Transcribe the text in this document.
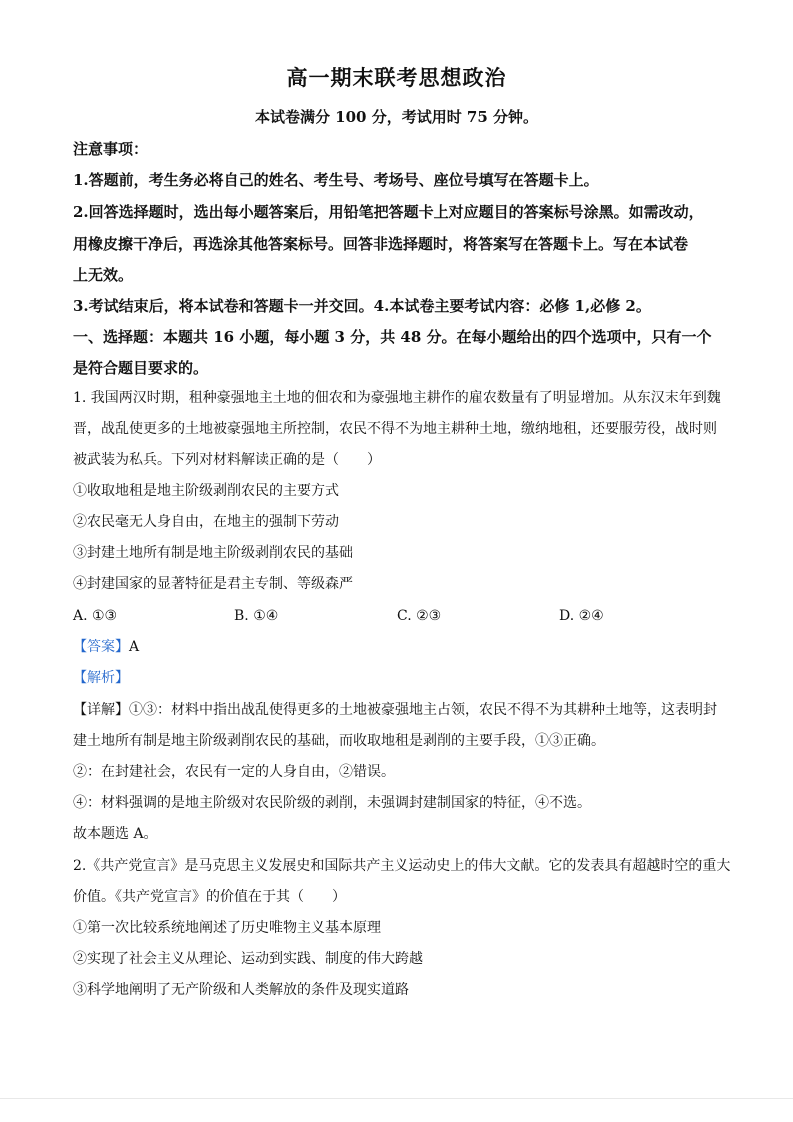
高一期末联考思想政治
本试卷满分 100 分，考试用时 75 分钟。
注意事项：
1.答题前，考生务必将自己的姓名、考生号、考场号、座位号填写在答题卡上。
2.回答选择题时，选出每小题答案后，用铅笔把答题卡上对应题目的答案标号涂黑。如需改动，
用橡皮擦干净后，再选涂其他答案标号。回答非选择题时，将答案写在答题卡上。写在本试卷
上无效。
3.考试结束后，将本试卷和答题卡一并交回。4.本试卷主要考试内容：必修 1,必修 2。
一、选择题：本题共 16 小题，每小题 3 分，共 48 分。在每小题给出的四个选项中，只有一个
是符合题目要求的。
1. 我国两汉时期，租种豪强地主土地的佃农和为豪强地主耕作的雇农数量有了明显增加。从东汉末年到魏
晋，战乱使更多的土地被豪强地主所控制，农民不得不为地主耕种土地，缴纳地租，还要服劳役，战时则
被武装为私兵。下列对材料解读正确的是（　　）
①收取地租是地主阶级剥削农民的主要方式
②农民毫无人身自由，在地主的强制下劳动
③封建土地所有制是地主阶级剥削农民的基础
④封建国家的显著特征是君主专制、等级森严
A. ①③	B. ①④	C. ②③	D. ②④
【答案】A
【解析】
【详解】①③：材料中指出战乱使得更多的土地被豪强地主占领，农民不得不为其耕种土地等，这表明封
建土地所有制是地主阶级剥削农民的基础，而收取地租是剥削的主要手段，①③正确。
②：在封建社会，农民有一定的人身自由，②错误。
④：材料强调的是地主阶级对农民阶级的剥削，未强调封建制国家的特征，④不选。
故本题选 A。
2.《共产党宣言》是马克思主义发展史和国际共产主义运动史上的伟大文献。它的发表具有超越时空的重大
价值。《共产党宣言》的价值在于其（　　）
①第一次比较系统地阐述了历史唯物主义基本原理
②实现了社会主义从理论、运动到实践、制度的伟大跨越
③科学地阐明了无产阶级和人类解放的条件及现实道路
